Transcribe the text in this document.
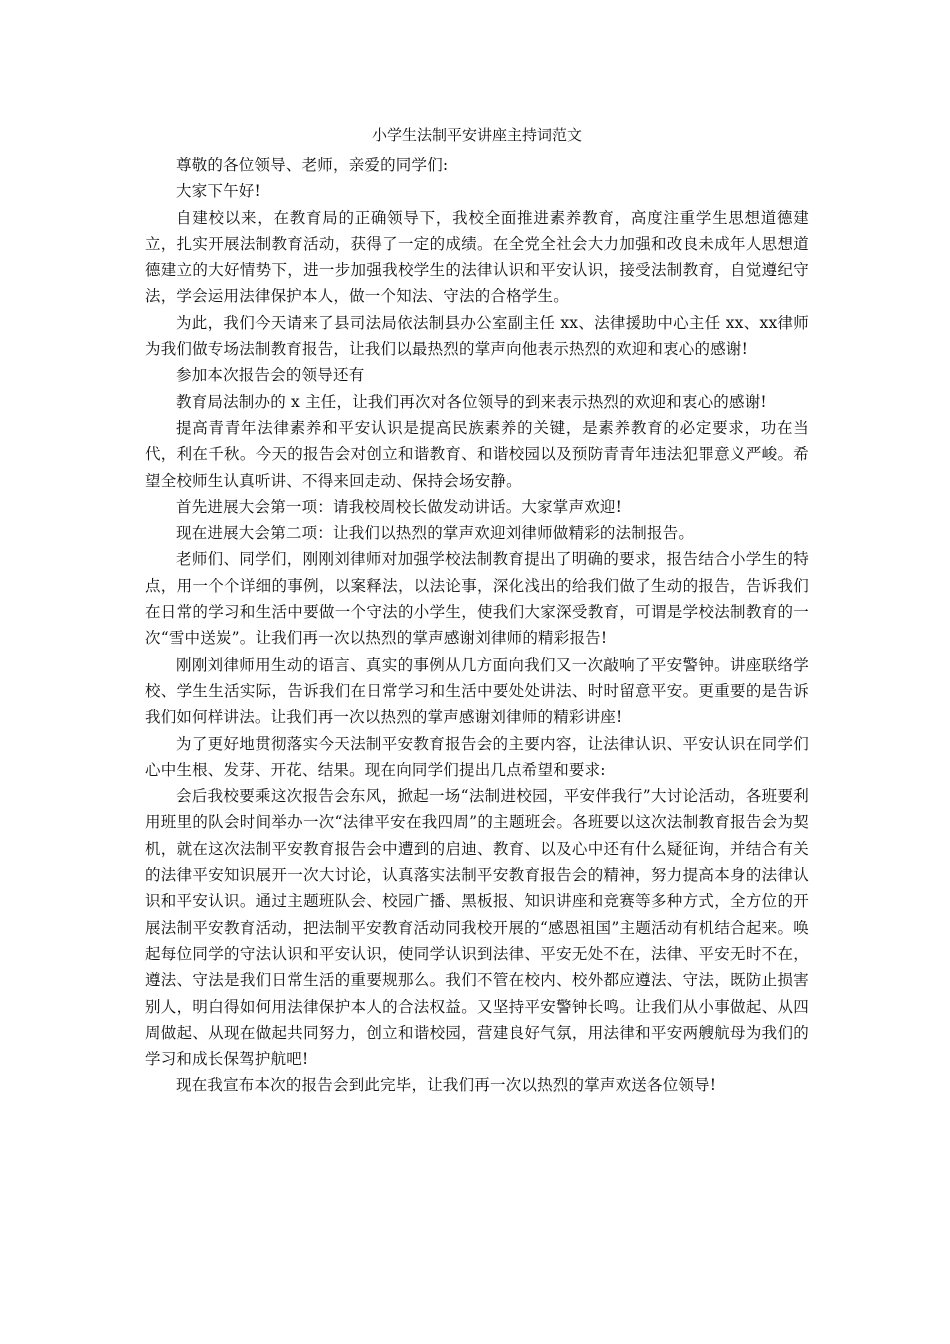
小学生法制平安讲座主持词范文

尊敬的各位领导、老师，亲爱的同学们:

大家下午好!

自建校以来，在教育局的正确领导下，我校全面推进素养教育，高度注重学生思想道德建立，扎实开展法制教育活动，获得了一定的成绩。在全党全社会大力加强和改良未成年人思想道德建立的大好情势下，进一步加强我校学生的法律认识和平安认识，接受法制教育，自觉遵纪守法，学会运用法律保护本人，做一个知法、守法的合格学生。

为此，我们今天请来了县司法局依法制县办公室副主任 xx、法律援助中心主任 xx、xx律师为我们做专场法制教育报告，让我们以最热烈的掌声向他表示热烈的欢迎和衷心的感谢!

参加本次报告会的领导还有

教育局法制办的 x 主任，让我们再次对各位领导的到来表示热烈的欢迎和衷心的感谢!

提高青青年法律素养和平安认识是提高民族素养的关键，是素养教育的必定要求，功在当代，利在千秋。今天的报告会对创立和谐教育、和谐校园以及预防青青年违法犯罪意义严峻。希望全校师生认真听讲、不得来回走动、保持会场安静。

首先进展大会第一项：请我校周校长做发动讲话。大家掌声欢迎!

现在进展大会第二项：让我们以热烈的掌声欢迎刘律师做精彩的法制报告。

老师们、同学们，刚刚刘律师对加强学校法制教育提出了明确的要求，报告结合小学生的特点，用一个个详细的事例，以案释法，以法论事，深化浅出的给我们做了生动的报告，告诉我们在日常的学习和生活中要做一个守法的小学生，使我们大家深受教育，可谓是学校法制教育的一次“雪中送炭”。让我们再一次以热烈的掌声感谢刘律师的精彩报告!

刚刚刘律师用生动的语言、真实的事例从几方面向我们又一次敲响了平安警钟。讲座联络学校、学生生活实际，告诉我们在日常学习和生活中要处处讲法、时时留意平安。更重要的是告诉我们如何样讲法。让我们再一次以热烈的掌声感谢刘律师的精彩讲座!

为了更好地贯彻落实今天法制平安教育报告会的主要内容，让法律认识、平安认识在同学们心中生根、发芽、开花、结果。现在向同学们提出几点希望和要求:

会后我校要乘这次报告会东风，掀起一场“法制进校园，平安伴我行”大讨论活动，各班要利用班里的队会时间举办一次“法律平安在我四周”的主题班会。各班要以这次法制教育报告会为契机，就在这次法制平安教育报告会中遭到的启迪、教育、以及心中还有什么疑征询，并结合有关的法律平安知识展开一次大讨论，认真落实法制平安教育报告会的精神，努力提高本身的法律认识和平安认识。通过主题班队会、校园广播、黑板报、知识讲座和竞赛等多种方式，全方位的开展法制平安教育活动，把法制平安教育活动同我校开展的“感恩祖国”主题活动有机结合起来。唤起每位同学的守法认识和平安认识，使同学认识到法律、平安无处不在，法律、平安无时不在，遵法、守法是我们日常生活的重要规那么。我们不管在校内、校外都应遵法、守法，既防止损害别人，明白得如何用法律保护本人的合法权益。又坚持平安警钟长鸣。让我们从小事做起、从四周做起、从现在做起共同努力，创立和谐校园，营建良好气氛，用法律和平安两艘航母为我们的学习和成长保驾护航吧!

现在我宣布本次的报告会到此完毕，让我们再一次以热烈的掌声欢送各位领导!
